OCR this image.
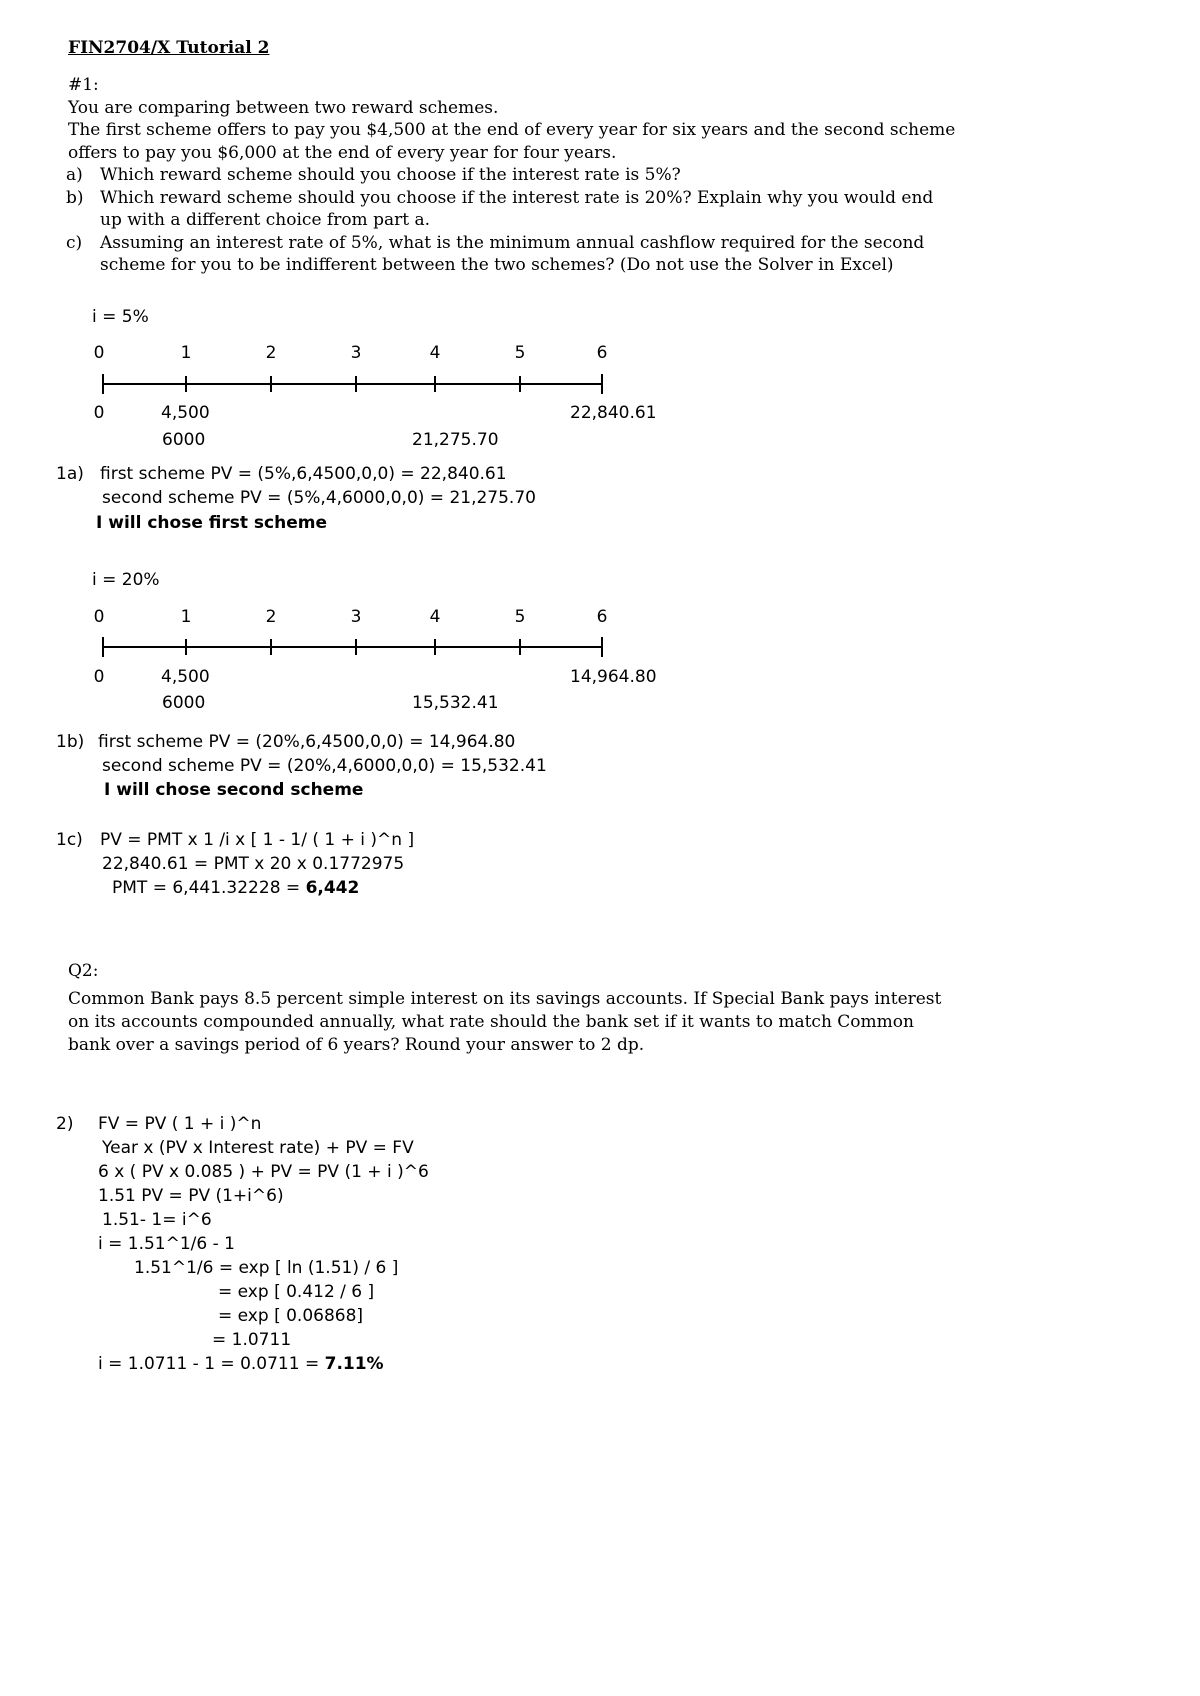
FIN2704/X Tutorial 2
#1:
You are comparing between two reward schemes.
The first scheme offers to pay you $4,500 at the end of every year for six years and the second scheme
offers to pay you $6,000 at the end of every year for four years.
a) Which reward scheme should you choose if the interest rate is 5%?
b) Which reward scheme should you choose if the interest rate is 20%? Explain why you would end
up with a different choice from part a.
c) Assuming an interest rate of 5%, what is the minimum annual cashflow required for the second
scheme for you to be indifferent between the two schemes? (Do not use the Solver in Excel)
i = 5%
0	1	2	3	4	5	6
0	4,500
6000	21,275.70
22,840.61
1a) first scheme PV = (5%,6,4500,0,0) = 22,840.61
second scheme PV = (5%,4,6000,0,0) = 21,275.70
I will chose first scheme
i = 20%
0	1	2	3	4	5	6
0	4,500
6000	15,532.41
14,964.80
1b) first scheme PV = (20%,6,4500,0,0) = 14,964.80
second scheme PV = (20%,4,6000,0,0) = 15,532.41
I will chose second scheme
1c) PV = PMT x 1 /i x [ 1 - 1/ ( 1 + i )^n ]
22,840.61 = PMT x 20 x 0.1772975
PMT = 6,441.32228 = 6,442
Q2:
Common Bank pays 8.5 percent simple interest on its savings accounts. If Special Bank pays interest
on its accounts compounded annually, what rate should the bank set if it wants to match Common
bank over a savings period of 6 years? Round your answer to 2 dp.
2) FV = PV ( 1 + i )^n
Year x (PV x Interest rate) + PV = FV
6 x ( PV x 0.085 ) + PV = PV (1 + i )^6
1.51 PV = PV (1+i^6)
1.51- 1= i^6
i = 1.51^1/6 - 1
1.51^1/6 = exp [ ln (1.51) / 6 ]
= exp [ 0.412 / 6 ]
= exp [ 0.06868]
= 1.0711
i = 1.0711 - 1 = 0.0711 = 7.11%
